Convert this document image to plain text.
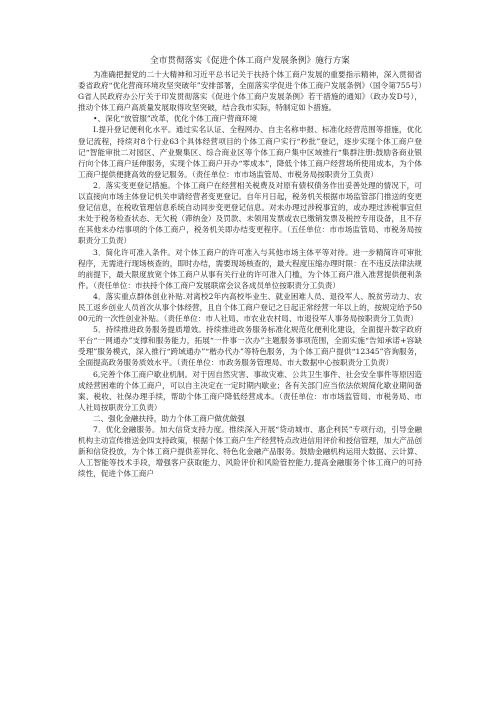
全市贯彻落实《促进个体工商户发展条例》施行方案

为准确把握党的二十大精神和习近平总书记关于扶持个体工商户发展的重要指示精神，深入贯彻省委省政府“优化营商环境攻坚突破年”安排部署，全面落实学促进个体工商户发展条例》（国令第755号）G省人民政府办公厅关于印发贯彻落实《促进个体工商户发展条例》若干措施的通知》（政办发D号），推动个体工商户高质量发展取得攻坚突破，结合我市实际，特制定如卜措施。

•、深化“放管服”改革，优化个体工商户营商环境

I.提升登记便利化水平。通过实名认证、全程网办、自主名称申报、标准化经营范围等措施，优化登记流程，持续对8个行业63个具体经营项目的个体工商户实行“秒批”登记，逐步实现个体工商户登记“智能审批二对园区、产业聚集区、综合商业区等个体工商户集中区域推行“集群注册:鼓励各商业银行向个体工商户延伸服务，实现个体工商户开办“零成本”，降低个体工商户经营场所使用成本，为个体工商户提供便捷高效的登记服务。（责任单位：市市场监管局、市税务局按职责分工负责）

2．落实变更登记措施。个体工商户在经营相关税费及对原有债权债务作出妥善处理的情况下，可以直接向市场主体登记机关申请经营者变更登记。自年月日起，税务机关根据市场监管部门推送的变更登记信息，在税收管理信息系统自动同步变更登记信息。对未办理过涉税事宜的，或办理过涉税事宜但未处于税务检查状态、无欠税（滞纳金）及罚款、未领用发票或农已缴销发票及税控专用设备，且不存在其他未办结事项的个体工商户，税务机关即办结变更程序。（五任单位：市市场监管局、市税务局按职责分工负责）

3．简化许可准入条件。对个体工商户的许可准入与其他市场主体平等对待。进一步精简许可审批程序，无需进行现场核查的，即时办结，需要现场核查的，最大程度压缩办理时限：在不违反法律法规的前提下，最大限度放宽个体工商户从事有关行业的许可准入门槛，为个体工商户准入准营提供便利条件。（责任单位：市扶持个体工商户发展联席会议各成员单位按职责分工负责）

4．落实重点群体创业补贴.对离校2年内高校毕业生、就业困难人员、退役军人、脱贫劳动力、农民工返乡创业人员首次从事个体经营，且自个体工商户登记之日起正常经营一年以上的，按规定给予5000元的一次性创业补贴。（责任单位：市人社局、市农业农村局、市退役军人事务局按职责分工负责）

5．持续推进政务服务提质增效。持续推进政务服务标准化规范化便利化建设，全面提升数字政府平台“一网通办”支撑和服务能力，拓展“一件事一次办”主题服务事项范围，全面实施“告知承诺+容缺受理”服务模式，深入推行“跨域通办”“楷办代办”等特色服务，为个体工商户提供“12345”咨询服务，全面提高政务服务质效水平。（责任单位：市政务服务管理局、市大数据中心按职责分工负责）

6,完善个体工商户歇业机制。对于因自然灾害、事故灾难、公共卫生事件、社会安全事件等原因造成经营困难的个体工商户，可以自主决定在一定时期内歇业；各有关部门应当依法依规简化歇业期间备案、税收、社保办理手续，帮助个体工商户降低经营成本。（责任单位：市市场监管局、市税务局、市人社局按职责分工负责）

二、强化金融扶持，助力个体工商户做优做强

7．优化金融服务。加大信贷支持力度。推续深入开展“贷动城市、惠企利民”专项行动，引导金融机构主动宣传推送金四支持政策，根据个体工商户生产经营特点改进信用评价和授信管理，加大产品创新和信贷投放，为个体工商户提供差异化、特色化金融产品服务。鼓励金融机构运用大数据、云计算、人工智能等技术手段，增强客户获取能力、风险评价和风险管控能力,提高金融服务个体工商户的可持续性，促进个体工商户
